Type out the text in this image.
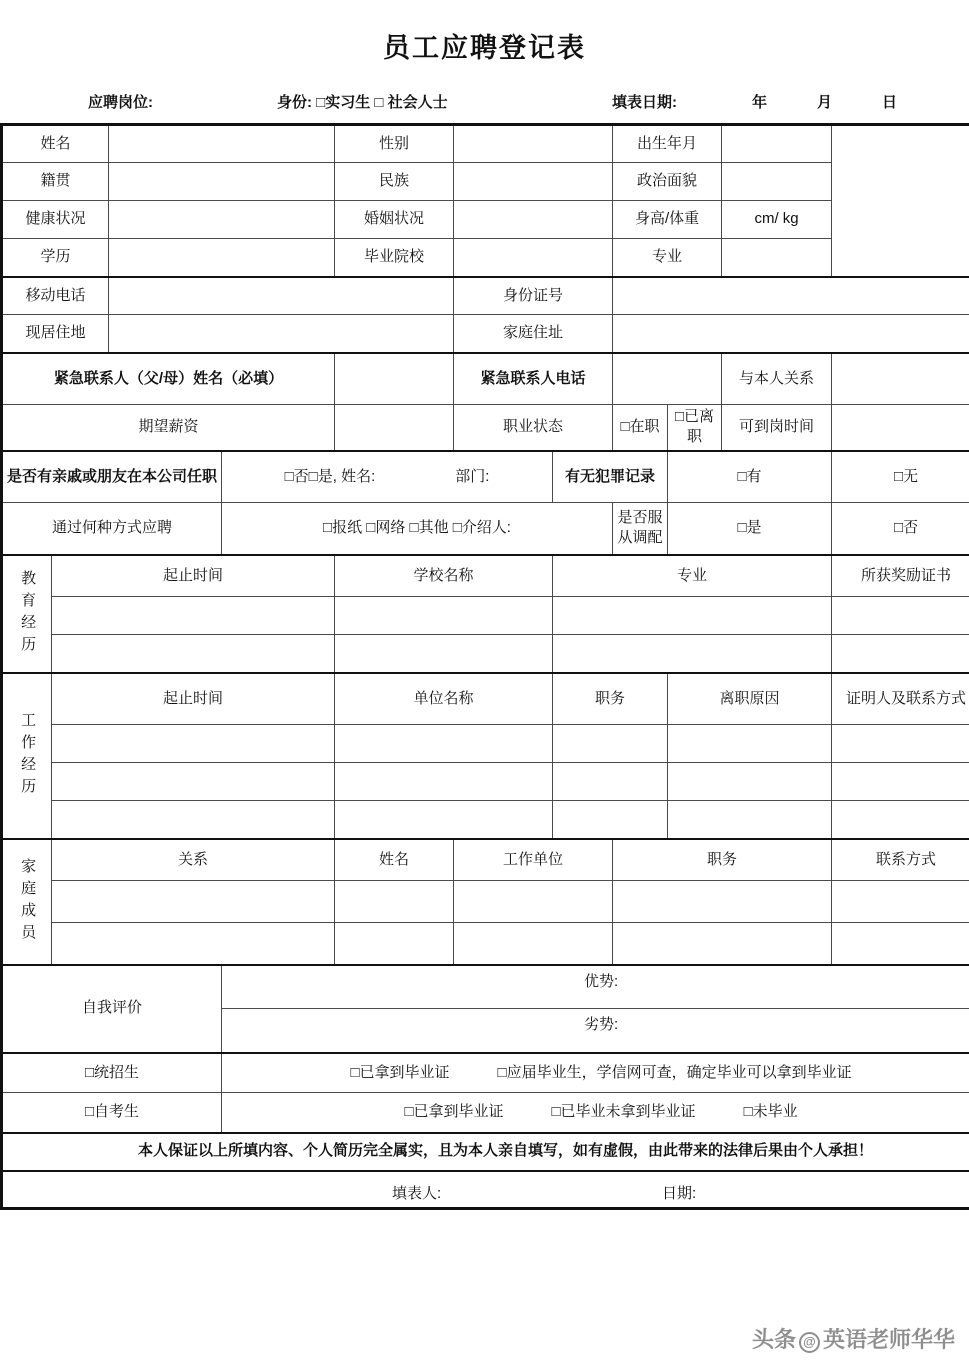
员工应聘登记表
应聘岗位:	身份: □实习生 □ 社会人士	填表日期:	年	月	日
姓名				性别			出生年月			
籍贯				民族			政治面貌			
健康状况				婚姻状况			身高/体重		cm/ kg	
学历				毕业院校			专业			
移动电话					身份证号					
现居住地					家庭住址					
紧急联系人（父/母）姓名（必填）					紧急联系人电话				与本人关系	
期望薪资					职业状态		□在职	□已离职	可到岗时间	
是否有亲戚或朋友在本公司任职			□否□是, 姓名: 部门:			有无犯罪记录		□有		□无
通过何种方式应聘			□报纸 □网络 □其他 □介绍人:				是否服从调配	□是		□否
教育经历	起止时间			学校名称		专业				所获奖励证书

工作经历	起止时间			单位名称		职务		离职原因		证明人及联系方式

家庭成员	关系			姓名	工作单位		职务			联系方式

自我评价			优势:							
			劣势:							
□统招生			□已拿到毕业证 □应届毕业生，学信网可查，确定毕业可以拿到毕业证							
□自考生			□已拿到毕业证 □已毕业未拿到毕业证 □未毕业							
本人保证以上所填内容、个人简历完全属实，且为本人亲自填写，如有虚假，由此带来的法律后果由个人承担！										

填表人: 日期:										
头条 @ 英语老师华华
